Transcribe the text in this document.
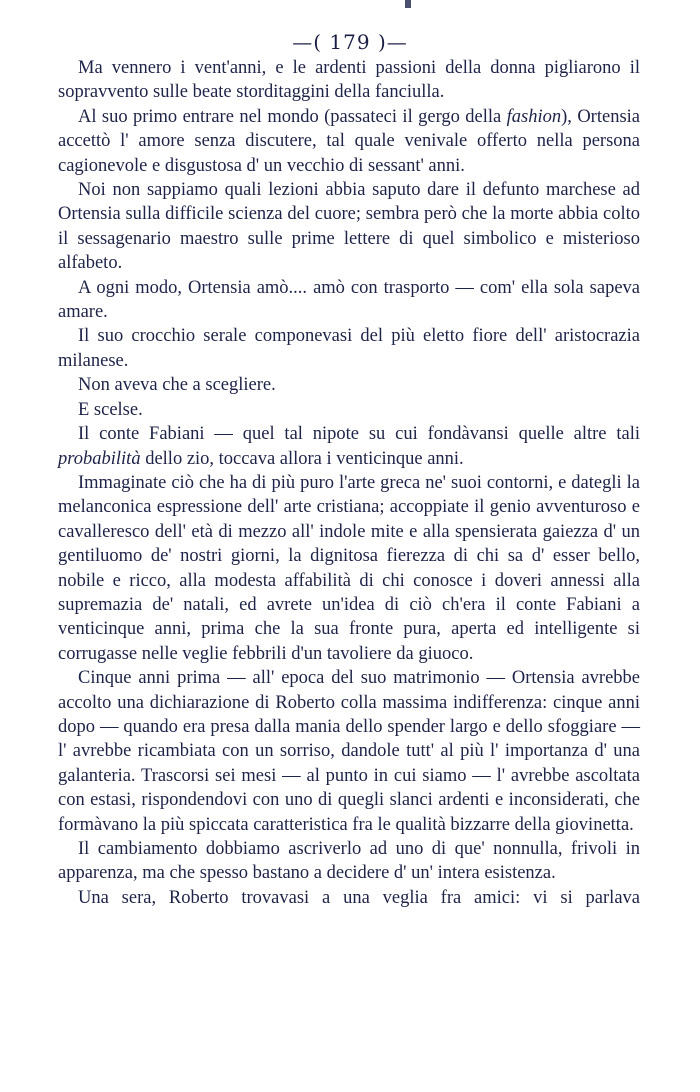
—( 179 )—

Ma vennero i vent'anni, e le ardenti passioni della donna pigliarono il sopravvento sulle beate storditaggini della fanciulla.

Al suo primo entrare nel mondo (passateci il gergo della fashion), Ortensia accettò l' amore senza discutere, tal quale venivale offerto nella persona cagionevole e disgustosa d' un vecchio di sessant' anni.

Noi non sappiamo quali lezioni abbia saputo dare il defunto marchese ad Ortensia sulla difficile scienza del cuore; sembra però che la morte abbia colto il sessagenario maestro sulle prime lettere di quel simbolico e misterioso alfabeto.

A ogni modo, Ortensia amò.... amò con trasporto — com' ella sola sapeva amare.

Il suo crocchio serale componevasi del più eletto fiore dell' aristocrazia milanese.

Non aveva che a scegliere.

E scelse.

Il conte Fabiani — quel tal nipote su cui fondàvansi quelle altre tali probabilità dello zio, toccava allora i venticinque anni.

Immaginate ciò che ha di più puro l'arte greca ne' suoi contorni, e dategli la melanconica espressione dell' arte cristiana; accoppiate il genio avventuroso e cavalleresco dell' età di mezzo all' indole mite e alla spensierata gaiezza d' un gentiluomo de' nostri giorni, la dignitosa fierezza di chi sa d' esser bello, nobile e ricco, alla modesta affabilità di chi conosce i doveri annessi alla supremazia de' natali, ed avrete un'idea di ciò ch'era il conte Fabiani a venticinque anni, prima che la sua fronte pura, aperta ed intelligente si corrugasse nelle veglie febbrili d'un tavoliere da giuoco.

Cinque anni prima — all' epoca del suo matrimonio — Ortensia avrebbe accolto una dichiarazione di Roberto colla massima indifferenza: cinque anni dopo — quando era presa dalla mania dello spender largo e dello sfoggiare — l' avrebbe ricambiata con un sorriso, dandole tutt' al più l' importanza d' una galanteria. Trascorsi sei mesi — al punto in cui siamo — l' avrebbe ascoltata con estasi, rispondendovi con uno di quegli slanci ardenti e inconsiderati, che formàvano la più spiccata caratteristica fra le qualità bizzarre della giovinetta.

Il cambiamento dobbiamo ascriverlo ad uno di que' nonnulla, frivoli in apparenza, ma che spesso bastano a decidere d' un' intera esistenza.

Una sera, Roberto trovavasi a una veglia fra amici: vi si parlava
